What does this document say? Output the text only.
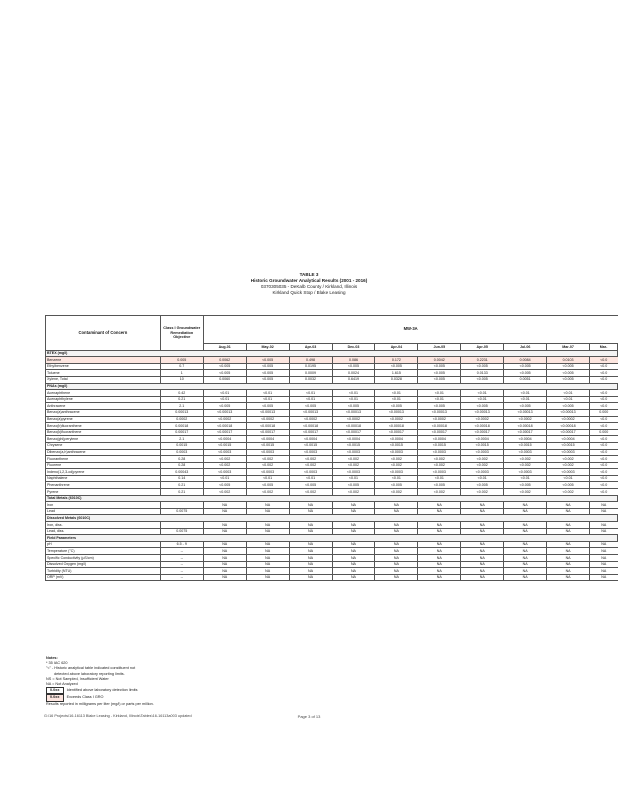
TABLE 3
Historic Groundwater Analytical Results (2001 - 2016)
0370305035 - DeKalb County / Kirkland, Illinois
Kirkland Quick Stop / Blake Leasing
Contaminant of Concern	Class I Groundwater Remediation Objective	MW-3A									
		Aug-01	May-02	Apr-03	Dec-03	Apr-04	Jun-05	Apr-05	Jul-06	Mar-07	Mar-
BTEX (mg/l)											
Benzene	0.005	0.0062	<0.005	0.498	0.086	0.172	0.0042	0.2231	0.0084	0.0103	<0.0
Ethylbenzene	0.7	<0.005	<0.005	0.0195	<0.005	<0.005	<0.005	<0.005	<0.005	<0.005	<0.0
Toluene	1	<0.005	<0.005	0.0009	0.0024	1.615	<0.005	0.0133	<0.005	<0.005	<0.0
Xylene, Total	10	0.0060	<0.005	0.0032	0.6419	0.0328	<0.005	<0.005	0.0051	<0.005	<0.0
PNAs (mg/l)											
Acenaphthene	0.42	<0.01	<0.01	<0.01	<0.01	<0.01	<0.01	<0.01	<0.01	<0.01	<0.0
Acenaphthylene	0.21	<0.01	<0.01	<0.01	<0.01	<0.01	<0.01	<0.01	<0.01	<0.01	<0.0
Anthracene	2.1	<0.005	<0.005	<0.005	<0.005	<0.005	<0.005	<0.005	<0.005	<0.005	<0.0
Benzo(a)anthracene	0.00013	<0.00013	<0.00013	<0.00013	<0.00013	<0.00013	<0.00013	<0.00013	<0.00013	<0.00013	0.000
Benzo(a)pyrene	0.0002	<0.0002	<0.0002	<0.0002	<0.0002	<0.0002	<0.0002	<0.0002	<0.0002	<0.0002	<0.0
Benzo(b)fluoranthene	0.00018	<0.00018	<0.00018	<0.00018	<0.00018	<0.00018	<0.00018	<0.00018	<0.00018	<0.00018	<0.0
Benzo(k)fluoranthene	0.00017	<0.00017	<0.00017	<0.00017	<0.00017	<0.00017	<0.00017	<0.00017	<0.00017	<0.00017	0.000
Benzo(ghi)perylene	2.1	<0.0004	<0.0004	<0.0004	<0.0004	<0.0004	<0.0004	<0.0004	<0.0004	<0.0004	<0.0
Chrysene	0.0015	<0.0015	<0.0015	<0.0015	<0.0015	<0.0015	<0.0015	<0.0015	<0.0015	<0.0015	<0.0
Dibenzo(a,h)anthracene	0.0003	<0.0003	<0.0003	<0.0003	<0.0003	<0.0003	<0.0003	<0.0003	<0.0003	<0.0003	<0.0
Fluoranthene	0.28	<0.002	<0.002	<0.002	<0.002	<0.002	<0.002	<0.002	<0.002	<0.002	<0.0
Fluorene	0.28	<0.002	<0.002	<0.002	<0.002	<0.002	<0.002	<0.002	<0.002	<0.002	<0.0
Indeno(1,2,3-cd)pyrene	0.00043	<0.0003	<0.0003	<0.0003	<0.0003	<0.0003	<0.0003	<0.0003	<0.0003	<0.0003	<0.0
Naphthalene	0.14	<0.01	<0.01	<0.01	<0.01	<0.01	<0.01	<0.01	<0.01	<0.01	<0.0
Phenanthrene	0.21	<0.005	<0.005	<0.005	<0.005	<0.005	<0.005	<0.005	<0.005	<0.005	<0.0
Pyrene	0.21	<0.002	<0.002	<0.002	<0.002	<0.002	<0.002	<0.002	<0.002	<0.002	<0.0
Total Metals (6010C)											
Iron		NA	NA	NA	NA	NA	NA	NA	NA	NA	NA
Lead	0.0075	NA	NA	NA	NA	NA	NA	NA	NA	NA	NA
Dissolved Metals (6010C)											
Iron, diss.		NA	NA	NA	NA	NA	NA	NA	NA	NA	NA
Lead, diss.	0.0075	NA	NA	NA	NA	NA	NA	NA	NA	NA	NA
Field Parameters											
pH	6.5 - 9	NA	NA	NA	NA	NA	NA	NA	NA	NA	NA
Temperature (°C)	--	NA	NA	NA	NA	NA	NA	NA	NA	NA	NA
Specific Conductivity (µS/cm)	--	NA	NA	NA	NA	NA	NA	NA	NA	NA	NA
Dissolved Oxygen (mg/l)	--	NA	NA	NA	NA	NA	NA	NA	NA	NA	NA
Turbidity (NTU)	--	NA	NA	NA	NA	NA	NA	NA	NA	NA	NA
ORP (mV)	--	NA	NA	NA	NA	NA	NA	NA	NA	NA	NA
Notes:
* 35 IAC 620
"<" - Historic analytical table indicated constituent not
detected above laboratory reporting limits.
NS = Not Sampled, Insufficient Water
NA = Not Analyzed
0.0xx Identified above laboratory detection limits
0.0xx Exceeds Class I GRO
Results reported in milligrams per liter (mg/l) or parts per million.
G:\16 Projects\16-16113 Blake Leasing - Kirkland, Illinois\Tables\16-16113a003 updated	Page 3 of 13
